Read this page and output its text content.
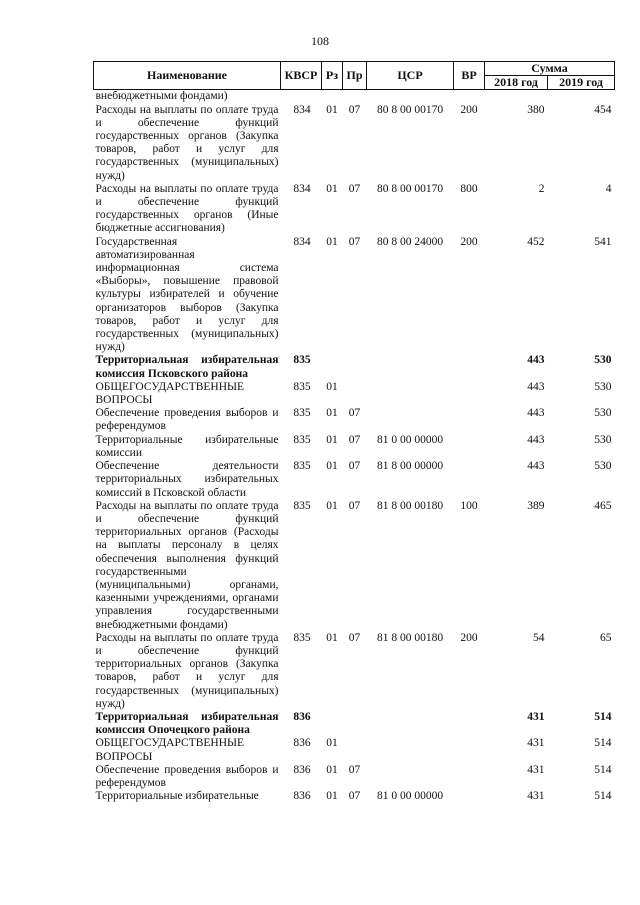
108
Наименование	КВСР	Рз	Пр	ЦСР	ВР	Сумма	
						2018 год	2019 год
внебюджетными фондами)							
Расходы на выплаты по оплате труда и обеспечение функций государственных органов (Закупка товаров, работ и услуг для государственных (муниципальных) нужд)	834	01	07	80 8 00 00170	200	380	454
Расходы на выплаты по оплате труда и обеспечение функций государственных органов (Иные бюджетные ассигнования)	834	01	07	80 8 00 00170	800	2	4
Государственная автоматизированная информационная система «Выборы», повышение правовой культуры избирателей и обучение организаторов выборов (Закупка товаров, работ и услуг для государственных (муниципальных) нужд)	834	01	07	80 8 00 24000	200	452	541
Территориальная избирательная комиссия Псковского района	835					443	530
ОБЩЕГОСУДАРСТВЕННЫЕ ВОПРОСЫ	835	01				443	530
Обеспечение проведения выборов и референдумов	835	01	07			443	530
Территориальные избирательные комиссии	835	01	07	81 0 00 00000		443	530
Обеспечение деятельности территориальных избирательных комиссий в Псковской области	835	01	07	81 8 00 00000		443	530
Расходы на выплаты по оплате труда и обеспечение функций территориальных органов (Расходы на выплаты персоналу в целях обеспечения выполнения функций государственными (муниципальными) органами, казенными учреждениями, органами управления государственными внебюджетными фондами)	835	01	07	81 8 00 00180	100	389	465
Расходы на выплаты по оплате труда и обеспечение функций территориальных органов (Закупка товаров, работ и услуг для государственных (муниципальных) нужд)	835	01	07	81 8 00 00180	200	54	65
Территориальная избирательная комиссия Опочецкого района	836					431	514
ОБЩЕГОСУДАРСТВЕННЫЕ ВОПРОСЫ	836	01				431	514
Обеспечение проведения выборов и референдумов	836	01	07			431	514
Территориальные избирательные	836	01	07	81 0 00 00000		431	514
